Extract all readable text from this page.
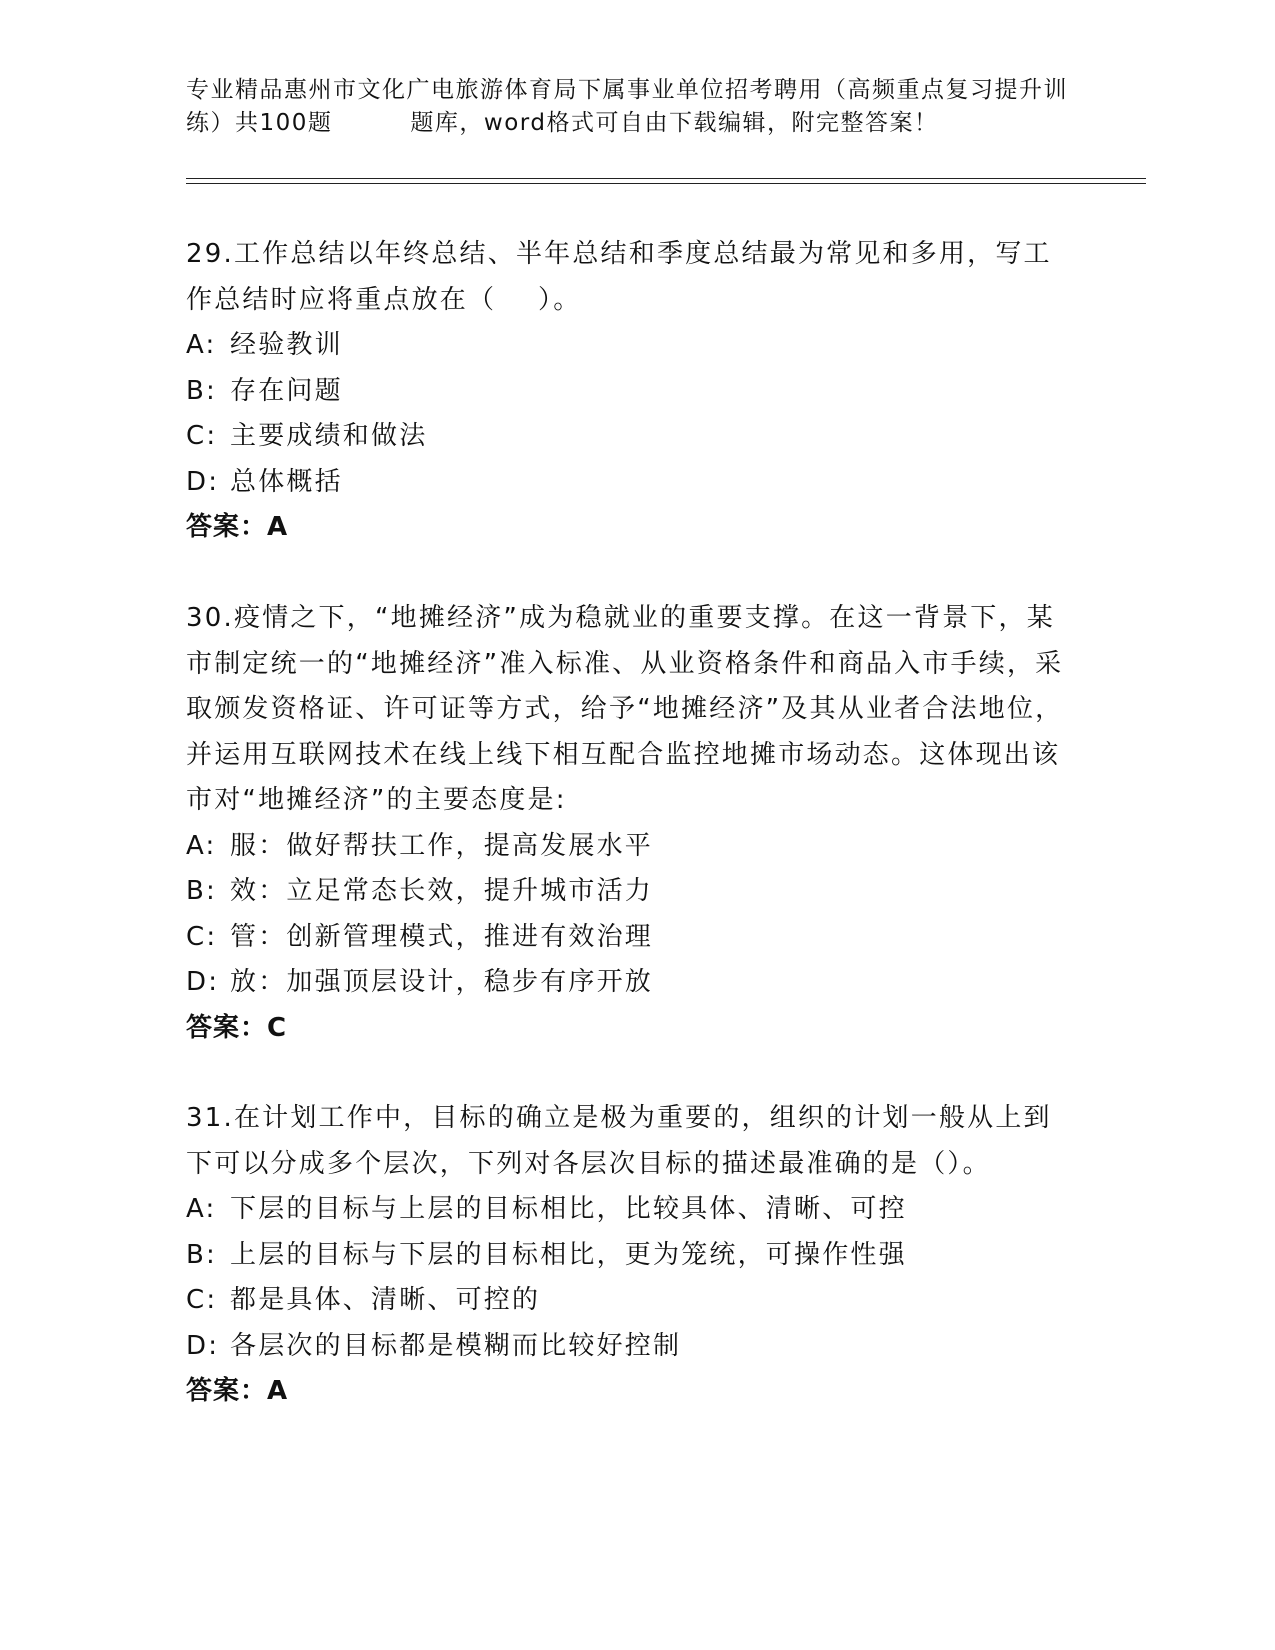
专业精品惠州市文化广电旅游体育局下属事业单位招考聘用（高频重点复习提升训
练）共100题	题库，word格式可自由下载编辑，附完整答案！

29.工作总结以年终总结、半年总结和季度总结最为常见和多用，写工作总结时应将重点放在（    ）。

A: 经验教训

B: 存在问题

C: 主要成绩和做法

D: 总体概括

答案：A

30.疫情之下，“地摊经济”成为稳就业的重要支撑。在这一背景下，某市制定统一的“地摊经济”准入标准、从业资格条件和商品入市手续，采取颁发资格证、许可证等方式，给予“地摊经济”及其从业者合法地位，并运用互联网技术在线上线下相互配合监控地摊市场动态。这体现出该市对“地摊经济”的主要态度是:

A: 服：做好帮扶工作，提高发展水平

B: 效：立足常态长效，提升城市活力

C: 管：创新管理模式，推进有效治理

D: 放：加强顶层设计，稳步有序开放

答案：C

31.在计划工作中，目标的确立是极为重要的，组织的计划一般从上到下可以分成多个层次，下列对各层次目标的描述最准确的是（）。

A: 下层的目标与上层的目标相比，比较具体、清晰、可控

B: 上层的目标与下层的目标相比，更为笼统，可操作性强

C: 都是具体、清晰、可控的

D: 各层次的目标都是模糊而比较好控制

答案：A
